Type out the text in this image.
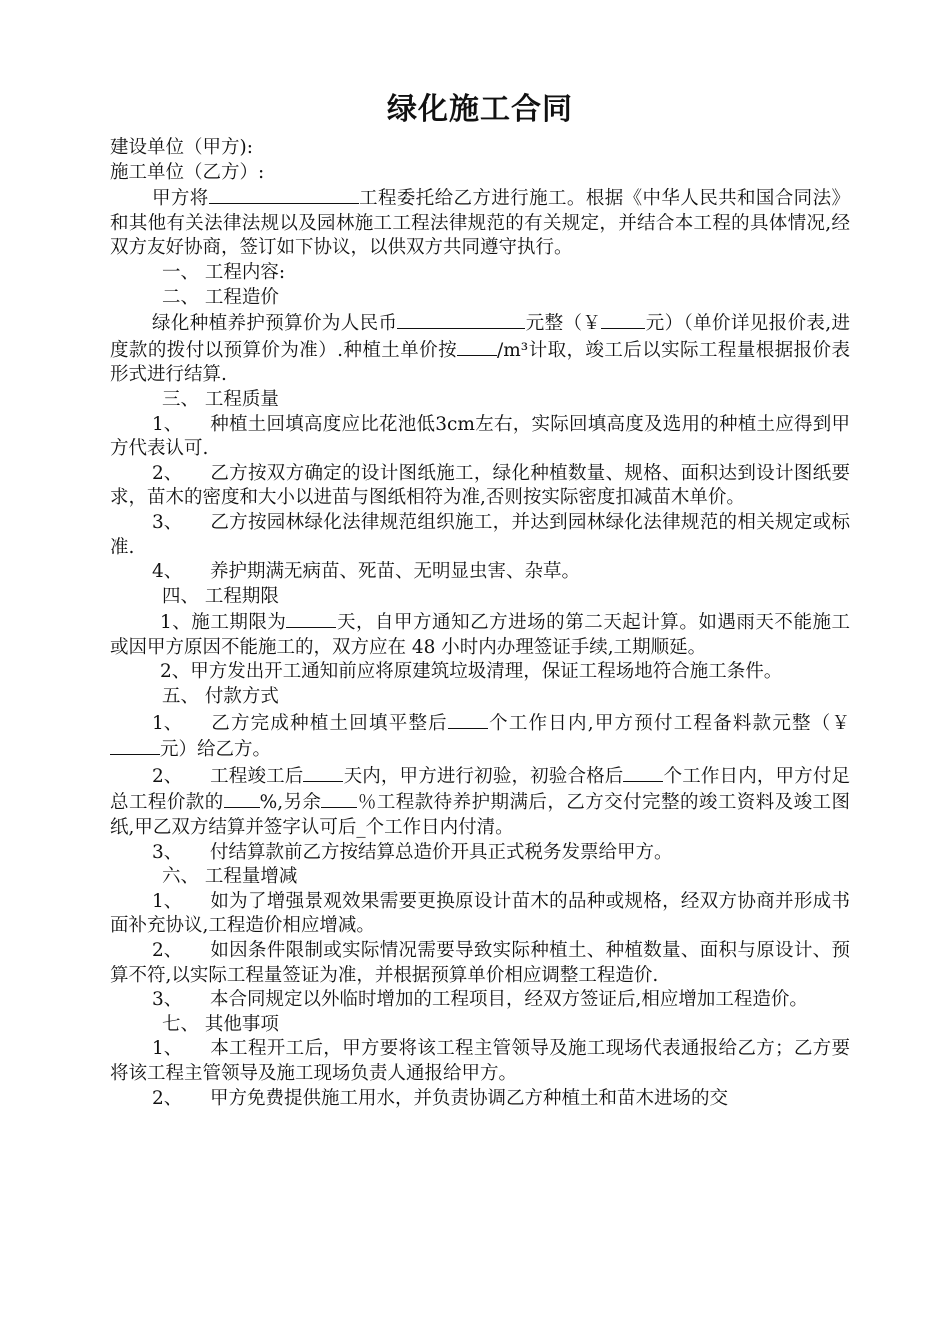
绿化施工合同

建设单位（甲方):

施工单位（乙方）:

甲方将	工程委托给乙方进行施工。根据《中华人民共和国合同法》和其他有关法律法规以及园林施工工程法律规范的有关规定，并结合本工程的具体情况,经双方友好协商，签订如下协议，以供双方共同遵守执行。

一、 工程内容:

二、 工程造价

绿化种植养护预算价为人民币	元整（￥ 元）（单价详见报价表,进度款的拨付以预算价为准）.种植土单价按 /m³计取，竣工后以实际工程量根据报价表形式进行结算.

三、 工程质量

1、 种植土回填高度应比花池低3cm左右，实际回填高度及选用的种植土应得到甲方代表认可.

2、 乙方按双方确定的设计图纸施工，绿化种植数量、规格、面积达到设计图纸要求，苗木的密度和大小以进苗与图纸相符为准,否则按实际密度扣减苗木单价。

3、 乙方按园林绿化法律规范组织施工，并达到园林绿化法律规范的相关规定或标准.

4、 养护期满无病苗、死苗、无明显虫害、杂草。

四、 工程期限

1、施工期限为	天，自甲方通知乙方进场的第二天起计算。如遇雨天不能施工或因甲方原因不能施工的，双方应在 48 小时内办理签证手续,工期顺延。

2、甲方发出开工通知前应将原建筑垃圾清理，保证工程场地符合施工条件。

五、 付款方式

1、 乙方完成种植土回填平整后 个工作日内,甲方预付工程备料款元整（￥元）给乙方。

2、 工程竣工后 天内，甲方进行初验，初验合格后 个工作日内，甲方付足总工程价款的 %,另余 ％工程款待养护期满后，乙方交付完整的竣工资料及竣工图纸,甲乙双方结算并签字认可后_个工作日内付清。

3、 付结算款前乙方按结算总造价开具正式税务发票给甲方。

六、 工程量增减

1、 如为了增强景观效果需要更换原设计苗木的品种或规格，经双方协商并形成书面补充协议,工程造价相应增减。

2、 如因条件限制或实际情况需要导致实际种植土、种植数量、面积与原设计、预算不符,以实际工程量签证为准，并根据预算单价相应调整工程造价.

3、 本合同规定以外临时增加的工程项目，经双方签证后,相应增加工程造价。

七、 其他事项

1、 本工程开工后，甲方要将该工程主管领导及施工现场代表通报给乙方；乙方要将该工程主管领导及施工现场负责人通报给甲方。

2、 甲方免费提供施工用水，并负责协调乙方种植土和苗木进场的交
